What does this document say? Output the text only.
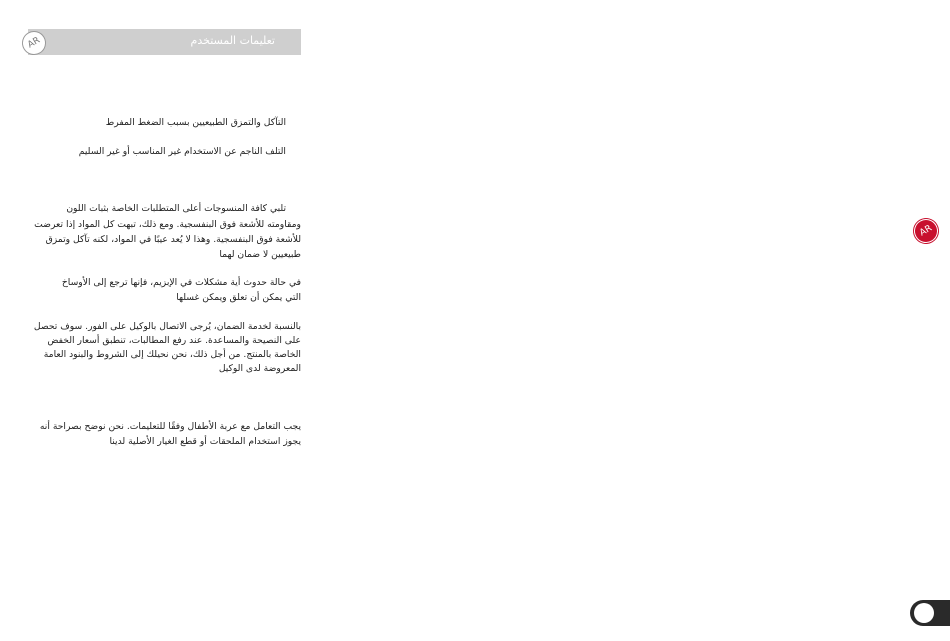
تعليمات المستخدم
AR
التآكل والتمزق الطبيعيين بسبب الضغط المفرط
التلف الناجم عن الاستخدام غير المناسب أو غير السليم
تلبي كافة المنسوجات أعلى المتطلبات الخاصة بثبات اللون
ومقاومته للأشعة فوق البنفسجية. ومع ذلك، تبهت كل المواد إذا تعرضت
للأشعة فوق البنفسجية. وهذا لا يُعد عيبًا في المواد، لكنه تآكل وتمزق
طبيعيين لا ضمان لهما
في حالة حدوث أية مشكلات في الإبزيم، فإنها ترجع إلى الأوساخ
التي يمكن أن تعلق ويمكن غسلها
بالنسبة لخدمة الضمان، يُرجى الاتصال بالوكيل على الفور. سوف تحصل
على النصيحة والمساعدة. عند رفع المطالبات، تنطبق أسعار الخفض
الخاصة بالمنتج. من أجل ذلك، نحن نحيلك إلى الشروط والبنود العامة
المعروضة لدى الوكيل
يجب التعامل مع عربة الأطفال وفقًا للتعليمات. نحن نوضح بصراحة أنه
يجوز استخدام الملحقات أو قطع الغيار الأصلية لدينا
AR
